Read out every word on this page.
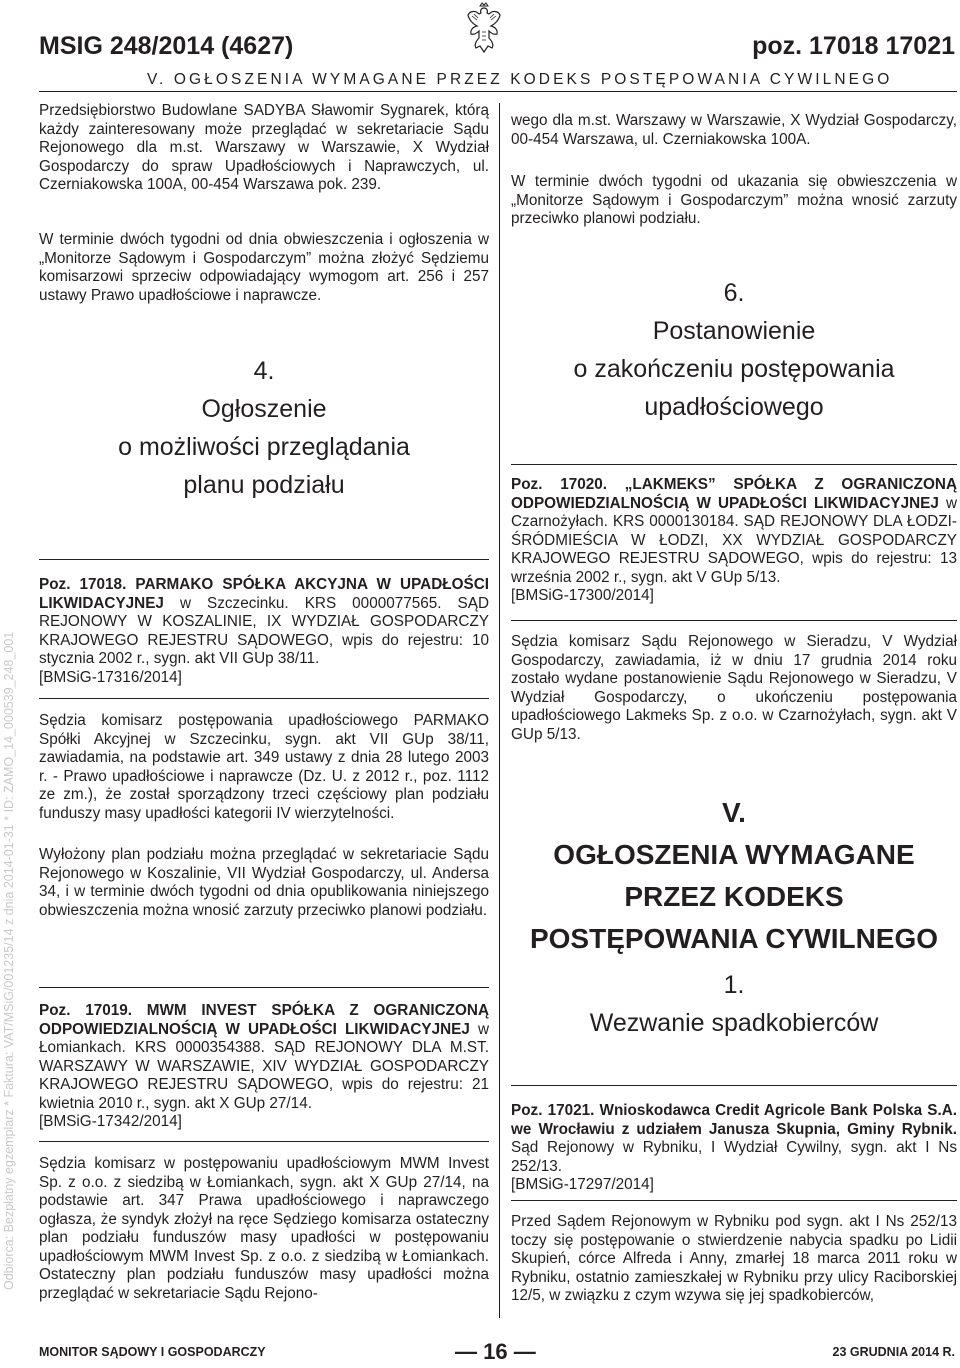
Odbiorca: Bezpłatny egzemplarz * Faktura: VAT/MSiG/001235/14 z dnia 2014-01-31 * ID: ZAMO_14_000539_248_001
MSIG 248/2014 (4627)	poz. 17018 17021
V. OGŁOSZENIA WYMAGANE PRZEZ KODEKS POSTĘPOWANIA CYWILNEGO

Przedsiębiorstwo Budowlane SADYBA Sławomir Sygnarek, którą każdy zainteresowany może przeglądać w sekretariacie Sądu Rejonowego dla m.st. Warszawy w Warszawie, X Wydział Gospodarczy do spraw Upadłościowych i Naprawczych, ul. Czerniakowska 100A, 00-454 Warszawa pok. 239.

W terminie dwóch tygodni od dnia obwieszczenia i ogłoszenia w „Monitorze Sądowym i Gospodarczym” można złożyć Sędziemu komisarzowi sprzeciw odpowiadający wymogom art. 256 i 257 ustawy Prawo upadłościowe i naprawcze.

4.
Ogłoszenie
o możliwości przeglądania
planu podziału

Poz. 17018. PARMAKO SPÓŁKA AKCYJNA W UPADŁOŚCI LIKWIDACYJNEJ w Szczecinku. KRS 0000077565. SĄD REJONOWY W KOSZALINIE, IX WYDZIAŁ GOSPODARCZY KRAJOWEGO REJESTRU SĄDOWEGO, wpis do rejestru: 10 stycznia 2002 r., sygn. akt VII GUp 38/11.
[BMSiG-17316/2014]

Sędzia komisarz postępowania upadłościowego PARMAKO Spółki Akcyjnej w Szczecinku, sygn. akt VII GUp 38/11, zawiadamia, na podstawie art. 349 ustawy z dnia 28 lutego 2003 r. - Prawo upadłościowe i naprawcze (Dz. U. z 2012 r., poz. 1112 ze zm.), że został sporządzony trzeci częściowy plan podziału funduszy masy upadłości kategorii IV wierzytelności.

Wyłożony plan podziału można przeglądać w sekretariacie Sądu Rejonowego w Koszalinie, VII Wydział Gospodarczy, ul. Andersa 34, i w terminie dwóch tygodni od dnia opublikowania niniejszego obwieszczenia można wnosić zarzuty przeciwko planowi podziału.

Poz. 17019. MWM INVEST SPÓŁKA Z OGRANICZONĄ ODPOWIEDZIALNOŚCIĄ W UPADŁOŚCI LIKWIDACYJNEJ w Łomiankach. KRS 0000354388. SĄD REJONOWY DLA M.ST. WARSZAWY W WARSZAWIE, XIV WYDZIAŁ GOSPODARCZY KRAJOWEGO REJESTRU SĄDOWEGO, wpis do rejestru: 21 kwietnia 2010 r., sygn. akt X GUp 27/14.
[BMSiG-17342/2014]

Sędzia komisarz w postępowaniu upadłościowym MWM Invest Sp. z o.o. z siedzibą w Łomiankach, sygn. akt X GUp 27/14, na podstawie art. 347 Prawa upadłościowego i naprawczego ogłasza, że syndyk złożył na ręce Sędziego komisarza ostateczny plan podziału funduszów masy upadłości w postępowaniu upadłościowym MWM Invest Sp. z o.o. z siedzibą w Łomiankach. Ostateczny plan podziału funduszów masy upadłości można przeglądać w sekretariacie Sądu Rejono-

wego dla m.st. Warszawy w Warszawie, X Wydział Gospodarczy, 00-454 Warszawa, ul. Czerniakowska 100A.

W terminie dwóch tygodni od ukazania się obwieszczenia w „Monitorze Sądowym i Gospodarczym” można wnosić zarzuty przeciwko planowi podziału.

6.
Postanowienie
o zakończeniu postępowania
upadłościowego

Poz. 17020. „LAKMEKS” SPÓŁKA Z OGRANICZONĄ ODPOWIEDZIALNOŚCIĄ W UPADŁOŚCI LIKWIDACYJNEJ w Czarnożyłach. KRS 0000130184. SĄD REJONOWY DLA ŁODZI-ŚRÓDMIEŚCIA W ŁODZI, XX WYDZIAŁ GOSPODARCZY KRAJOWEGO REJESTRU SĄDOWEGO, wpis do rejestru: 13 września 2002 r., sygn. akt V GUp 5/13.
[BMSiG-17300/2014]

Sędzia komisarz Sądu Rejonowego w Sieradzu, V Wydział Gospodarczy, zawiadamia, iż w dniu 17 grudnia 2014 roku zostało wydane postanowienie Sądu Rejonowego w Sieradzu, V Wydział Gospodarczy, o ukończeniu postępowania upadłościowego Lakmeks Sp. z o.o. w Czarnożyłach, sygn. akt V GUp 5/13.

V.
OGŁOSZENIA WYMAGANE
PRZEZ KODEKS
POSTĘPOWANIA CYWILNEGO
1.
Wezwanie spadkobierców

Poz. 17021. Wnioskodawca Credit Agricole Bank Polska S.A. we Wrocławiu z udziałem Janusza Skupnia, Gminy Rybnik. Sąd Rejonowy w Rybniku, I Wydział Cywilny, sygn. akt I Ns 252/13.
[BMSiG-17297/2014]

Przed Sądem Rejonowym w Rybniku pod sygn. akt I Ns 252/13 toczy się postępowanie o stwierdzenie nabycia spadku po Lidii Skupień, córce Alfreda i Anny, zmarłej 18 marca 2011 roku w Rybniku, ostatnio zamieszkałej w Rybniku przy ulicy Raciborskiej 12/5, w związku z czym wzywa się jej spadkobierców,

MONITOR SĄDOWY I GOSPODARCZY	— 16 —	23 GRUDNIA 2014 R.
